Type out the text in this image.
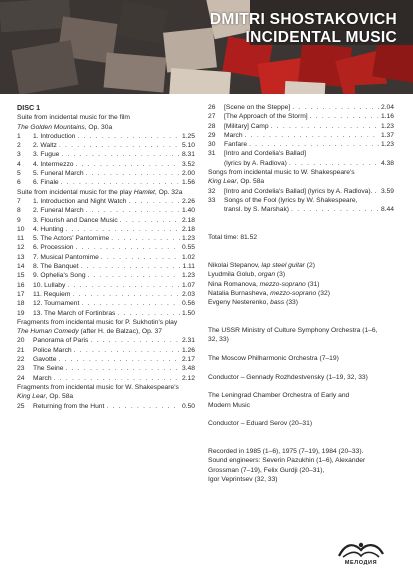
DMITRI SHOSTAKOVICH
INCIDENTAL MUSIC
DISC 1
Suite from incidental music for the film
The Golden Mountains, Op. 30a
1	1. Introduction . . .	1.25
2	2. Waltz . . .	5.10
3	3. Fugue . . .	8.31
4	4. Intermezzo . . .	3.52
5	5. Funeral March . . .	2.00
6	6. Finale . . .	1.56
Suite from incidental music for the play Hamlet, Op. 32a
7	1. Introduction and Night Watch . . .	2.26
8	2. Funeral March . . .	1.40
9	3. Flourish and Dance Music . . .	2.18
10	4. Hunting . . .	2.18
11	5. The Actors' Pantomime . . .	1.23
12	6. Procession . . .	0.55
13	7. Musical Pantomime . . .	1.02
14	8. The Banquet . . .	1.11
15	9. Ophelia's Song . . .	1.23
16	10. Lullaby . . .	1.07
17	11. Requiem . . .	2.03
18	12. Tournament . . .	0.56
19	13. The March of Fortinbras . . .	1.50
Fragments from incidental music for P. Sukhotin's play
The Human Comedy (after H. de Balzac), Op. 37
20	Panorama of Paris . . .	2.31
21	Police March . . .	1.26
22	Gavotte . . .	2.17
23	The Seine . . .	3.48
24	March . . .	2.12
Fragments from incidental music for W. Shakespeare's
King Lear, Op. 58a
25	Returning from the Hunt . . .	0.50
26	[Scene on the Steppe] . . .	2.04
27	[The Approach of the Storm] . . .	1.16
28	[Military] Camp . . .	1.23
29	March . . .	1.37
30	Fanfare . . .	1.23
31	[Intro and Cordelia's Ballad]
(lyrics by A. Radlova) . . .	4.38
Songs from incidental music to W. Shakespeare's
King Lear, Op. 58a
32	[Intro and Cordelia's Ballad] (lyrics by A. Radlova). . . . 3.59
33	Songs of the Fool (lyrics by W. Shakespeare,
transl. by S. Marshak) . . .	8.44
Total time: 81.52
Nikolai Stepanov, lap steel guitar (2)
Lyudmila Golub, organ (3)
Nina Romanova, mezzo-soprano (31)
Natalia Burnasheva, mezzo-soprano (32)
Evgeny Nesterenko, bass (33)
The USSR Ministry of Culture Symphony Orchestra (1–6,
32, 33)
The Moscow Philharmonic Orchestra (7–19)
Conductor – Gennady Rozhdestvensky (1–19, 32, 33)
The Leningrad Chamber Orchestra of Early and
Modern Music
Conductor – Eduard Serov (20–31)
Recorded in 1985 (1–6), 1975 (7–19), 1984 (20–33).
Sound engineers: Severin Pazukhin (1–6), Alexander
Grossman (7–19), Felix Gurdji (20–31),
Igor Veprintsev (32, 33)
МЕЛОДИЯ
